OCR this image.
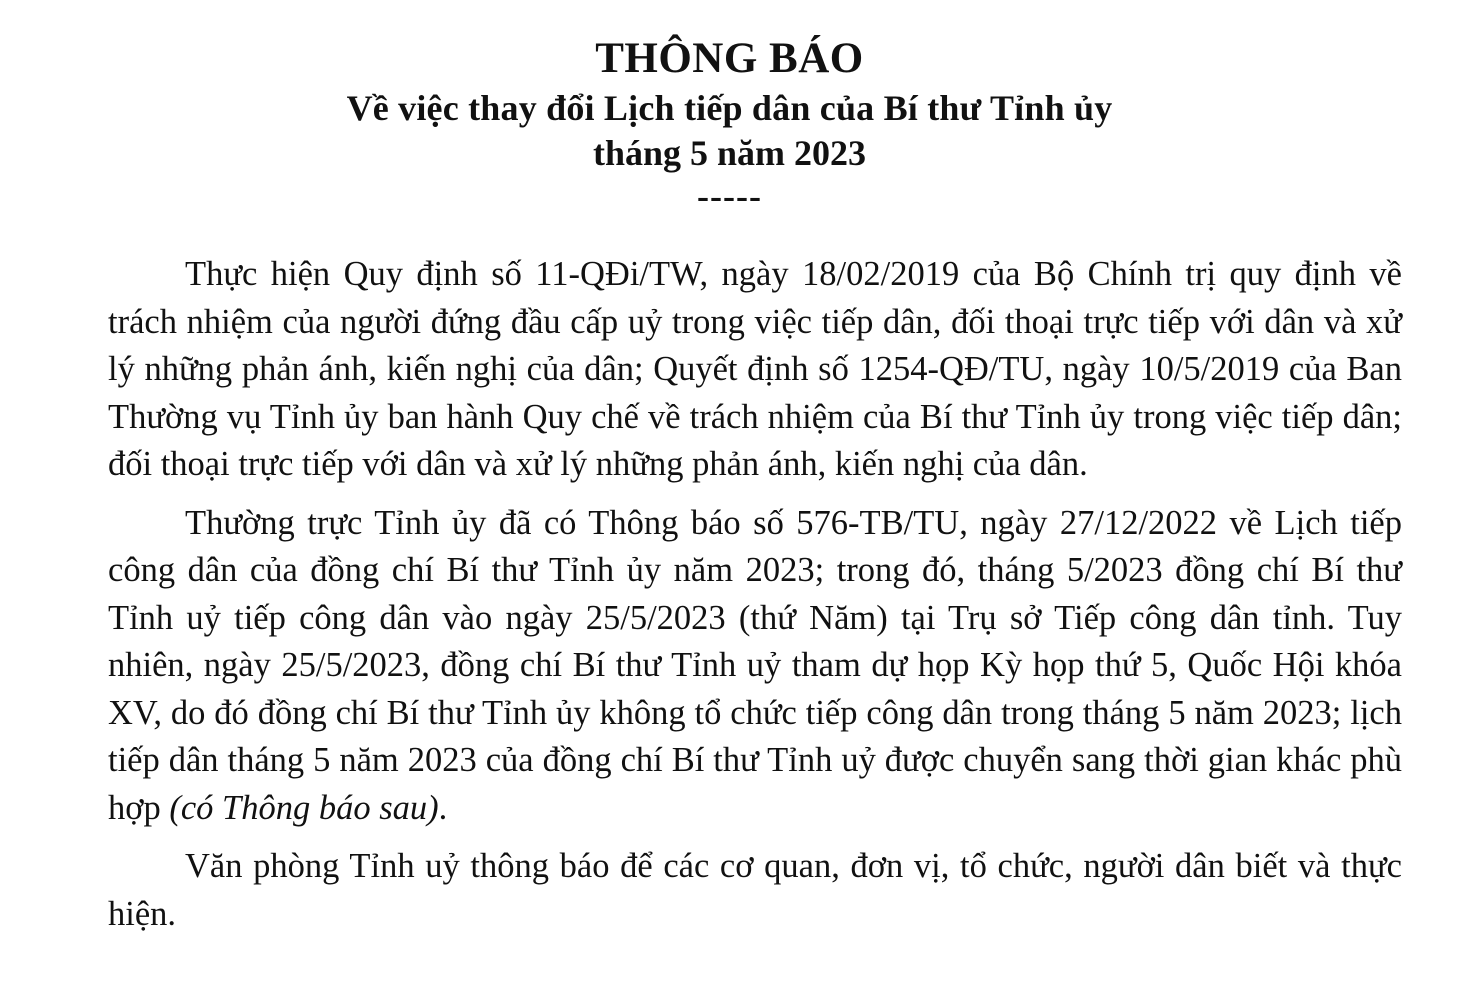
THÔNG BÁO
Về việc thay đổi Lịch tiếp dân của Bí thư Tỉnh ủy
tháng 5 năm 2023
-----

Thực hiện Quy định số 11-QĐi/TW, ngày 18/02/2019 của Bộ Chính trị quy định về trách nhiệm của người đứng đầu cấp uỷ trong việc tiếp dân, đối thoại trực tiếp với dân và xử lý những phản ánh, kiến nghị của dân; Quyết định số 1254-QĐ/TU, ngày 10/5/2019 của Ban Thường vụ Tỉnh ủy ban hành Quy chế về trách nhiệm của Bí thư Tỉnh ủy trong việc tiếp dân; đối thoại trực tiếp với dân và xử lý những phản ánh, kiến nghị của dân.

Thường trực Tỉnh ủy đã có Thông báo số 576-TB/TU, ngày 27/12/2022 về Lịch tiếp công dân của đồng chí Bí thư Tỉnh ủy năm 2023; trong đó, tháng 5/2023 đồng chí Bí thư Tỉnh uỷ tiếp công dân vào ngày 25/5/2023 (thứ Năm) tại Trụ sở Tiếp công dân tỉnh. Tuy nhiên, ngày 25/5/2023, đồng chí Bí thư Tỉnh uỷ tham dự họp Kỳ họp thứ 5, Quốc Hội khóa XV, do đó đồng chí Bí thư Tỉnh ủy không tổ chức tiếp công dân trong tháng 5 năm 2023; lịch tiếp dân tháng 5 năm 2023 của đồng chí Bí thư Tỉnh uỷ được chuyển sang thời gian khác phù hợp (có Thông báo sau).

Văn phòng Tỉnh uỷ thông báo để các cơ quan, đơn vị, tổ chức, người dân biết và thực hiện.
